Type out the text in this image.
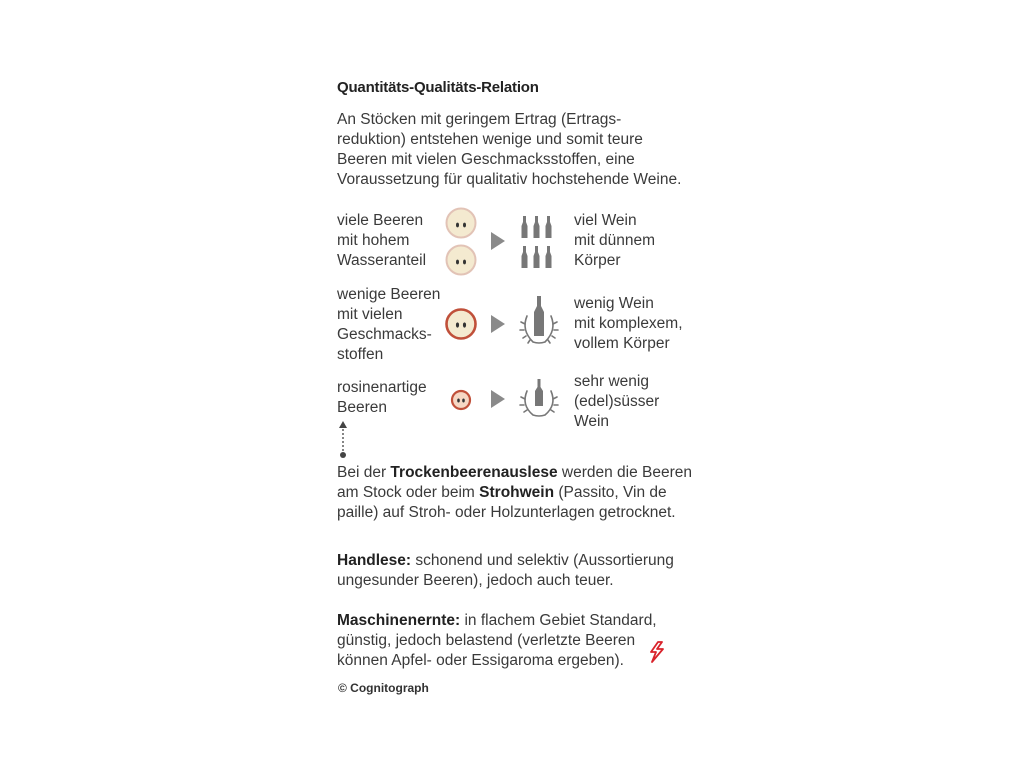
Quantitäts-Qualitäts-Relation
An Stöcken mit geringem Ertrag (Ertrags-
reduktion) entstehen wenige und somit teure
Beeren mit vielen Geschmacksstoffen, eine
Voraussetzung für qualitativ hochstehende Weine.
viele Beeren
mit hohem
Wasseranteil
viel Wein
mit dünnem
Körper
wenige Beeren
mit vielen
Geschmacks-
stoffen
wenig Wein
mit komplexem,
vollem Körper
rosinenartige
Beeren
sehr wenig
(edel)süsser
Wein
Bei der Trockenbeerenauslese werden die Beeren
am Stock oder beim Strohwein (Passito, Vin de
paille) auf Stroh- oder Holzunterlagen getrocknet.
Handlese: schonend und selektiv (Aussortierung
ungesunder Beeren), jedoch auch teuer.
Maschinenernte: in flachem Gebiet Standard,
günstig, jedoch belastend (verletzte Beeren
können Apfel- oder Essigaroma ergeben).
© Cognitograph
